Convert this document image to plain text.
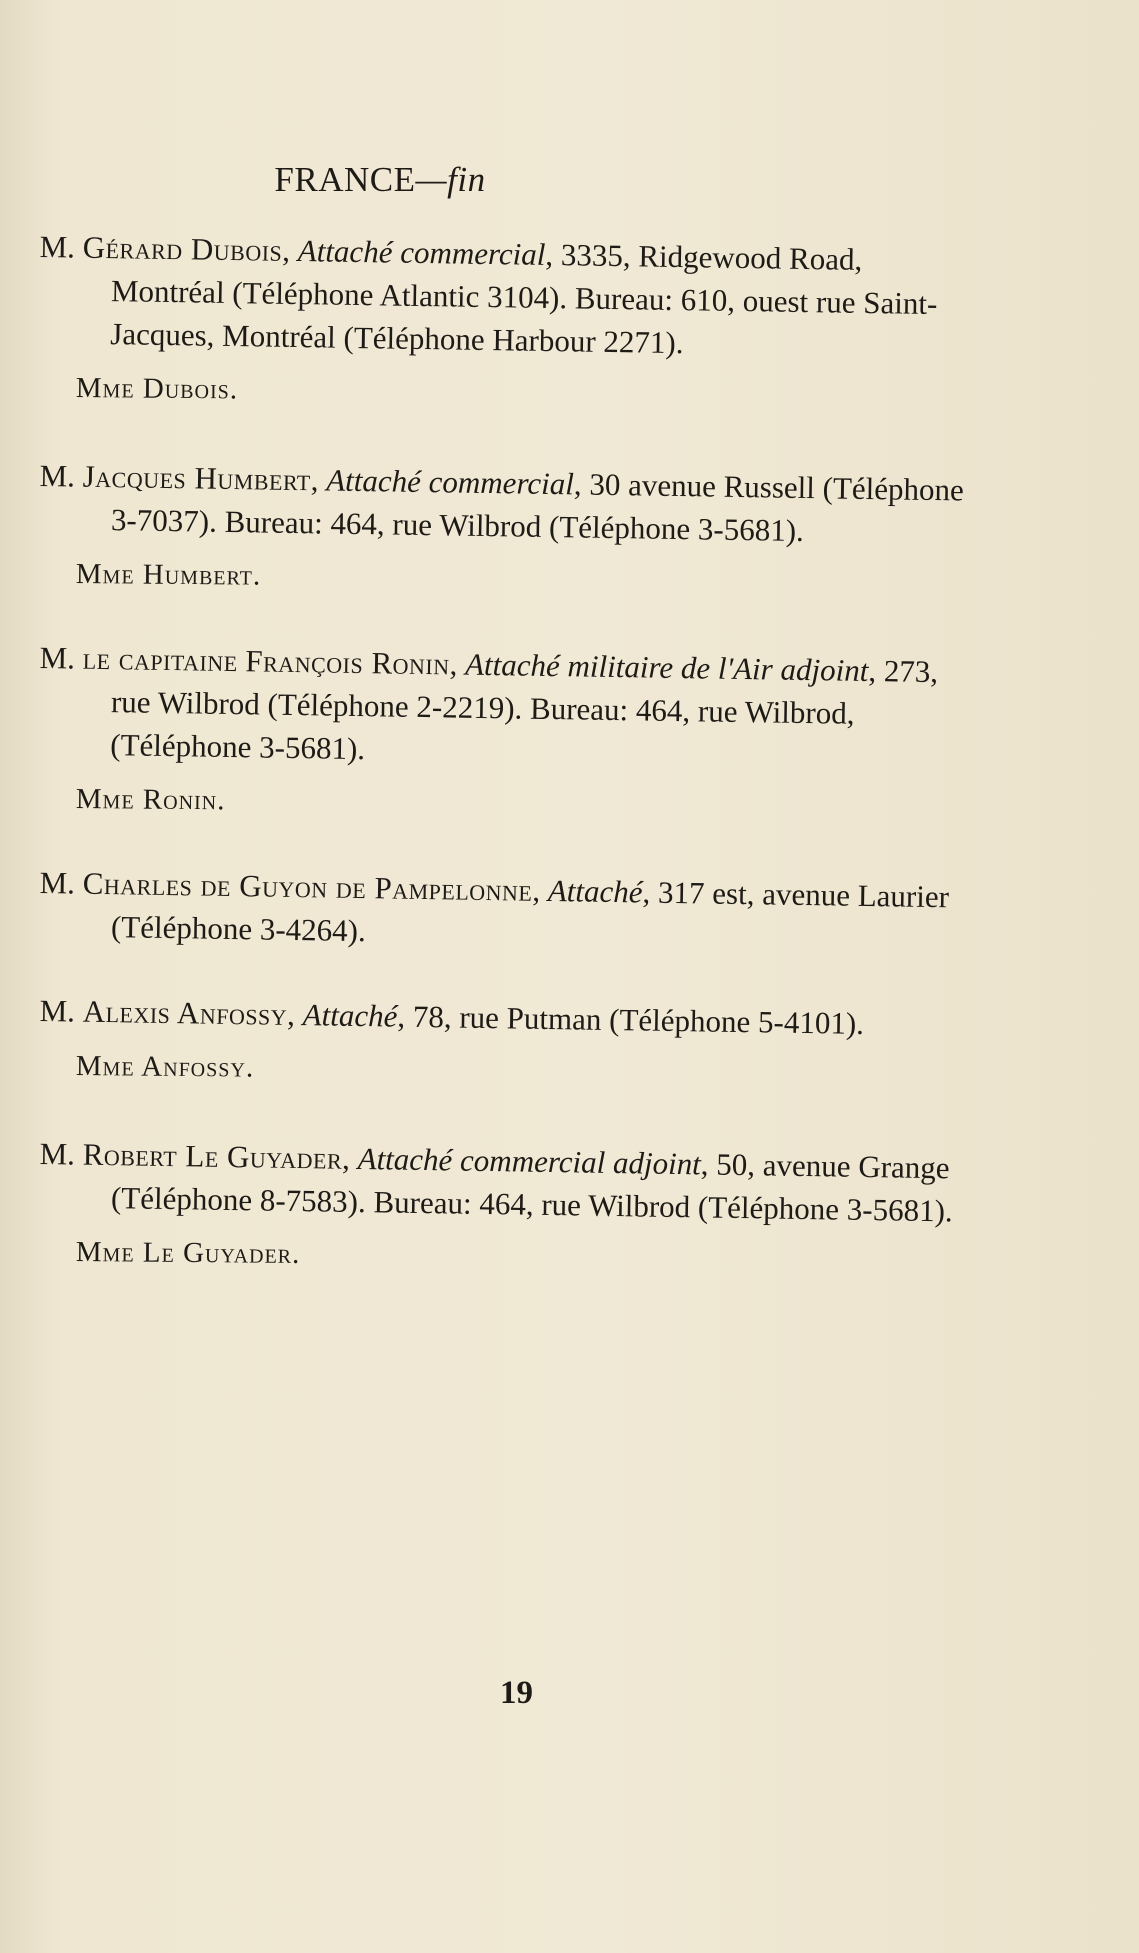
FRANCE—fin
M. Gérard Dubois, Attaché commercial, 3335, Ridgewood Road, Montréal (Téléphone Atlantic 3104). Bureau: 610, ouest rue Saint-Jacques, Montréal (Téléphone Harbour 2271).
Mme Dubois.
M. Jacques Humbert, Attaché commercial, 30 avenue Russell (Téléphone 3-7037). Bureau: 464, rue Wilbrod (Téléphone 3-5681).
Mme Humbert.
M. le capitaine François Ronin, Attaché militaire de l'Air adjoint, 273, rue Wilbrod (Téléphone 2-2219). Bureau: 464, rue Wilbrod, (Téléphone 3-5681).
Mme Ronin.
M. Charles de Guyon de Pampelonne, Attaché, 317 est, avenue Laurier (Téléphone 3-4264).
M. Alexis Anfossy, Attaché, 78, rue Putman (Téléphone 5-4101).
Mme Anfossy.
M. Robert Le Guyader, Attaché commercial adjoint, 50, avenue Grange (Téléphone 8-7583). Bureau: 464, rue Wilbrod (Téléphone 3-5681).
Mme Le Guyader.
19
